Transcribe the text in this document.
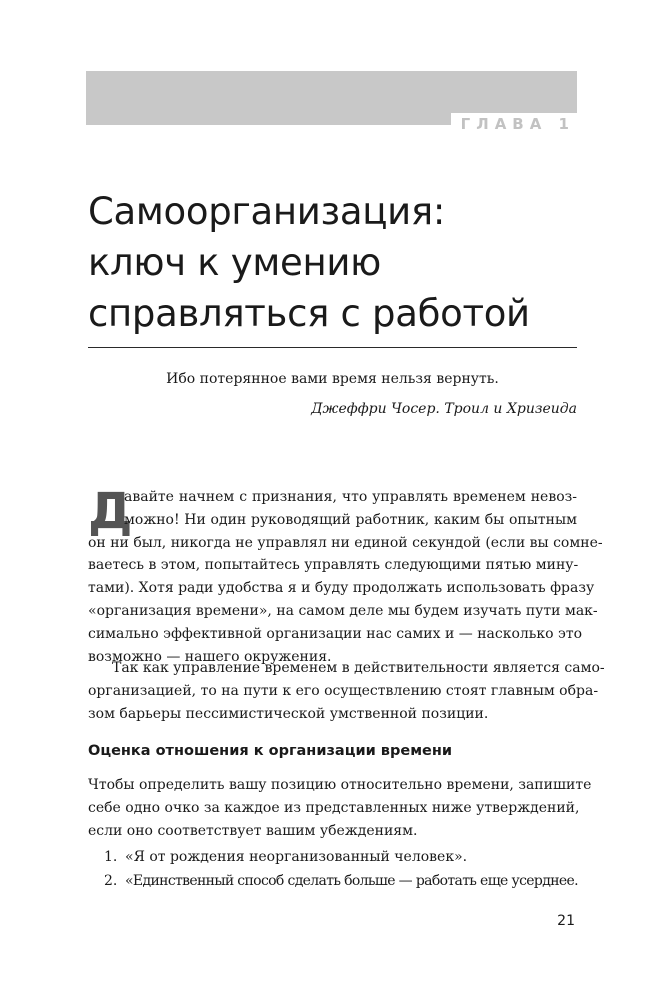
ГЛАВА 1
Самоорганизация:
ключ к умению
справляться с работой
Ибо потерянное вами время нельзя вернуть.
Джеффри Чосер. Троил и Хризеида
Д
авайте начнем с признания, что управлять временем невоз-
можно! Ни один руководящий работник, каким бы опытным
он ни был, никогда не управлял ни единой секундой (если вы сомне-
ваетесь в этом, попытайтесь управлять следующими пятью мину-
тами). Хотя ради удобства я и буду продолжать использовать фразу
«организация времени», на самом деле мы будем изучать пути мак-
симально эффективной организации нас самих и — насколько это
возможно — нашего окружения.
Так как управление временем в действительности является само-
организацией, то на пути к его осуществлению стоят главным обра-
зом барьеры пессимистической умственной позиции.
Оценка отношения к организации времени
Чтобы определить вашу позицию относительно времени, запишите
себе одно очко за каждое из представленных ниже утверждений,
если оно соответствует вашим убеждениям.
1. «Я от рождения неорганизованный человек».
2. «Единственный способ сделать больше — работать еще усерднее.
21
